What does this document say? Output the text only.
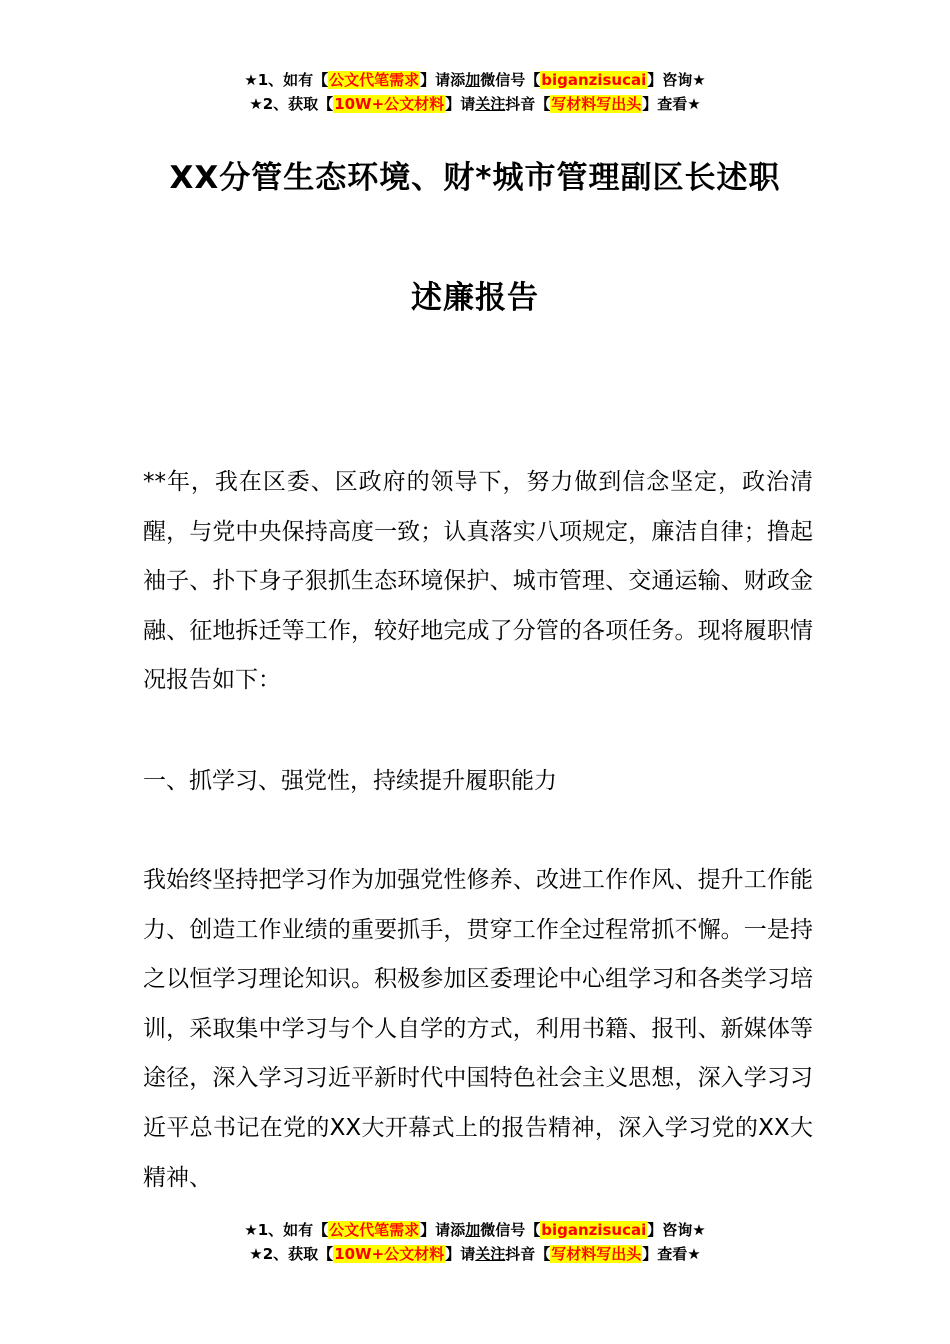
★1、如有【公文代笔需求】请添加微信号【biganzisucai】咨询★
★2、获取【10W+公文材料】请关注抖音【写材料写出头】查看★
XX分管生态环境、财*城市管理副区长述职
述廉报告
**年，我在区委、区政府的领导下，努力做到信念坚定，政治清醒，与党中央保持高度一致；认真落实八项规定，廉洁自律；撸起袖子、扑下身子狠抓生态环境保护、城市管理、交通运输、财政金融、征地拆迁等工作，较好地完成了分管的各项任务。现将履职情况报告如下：
一、抓学习、强党性，持续提升履职能力
我始终坚持把学习作为加强党性修养、改进工作作风、提升工作能力、创造工作业绩的重要抓手，贯穿工作全过程常抓不懈。一是持之以恒学习理论知识。积极参加区委理论中心组学习和各类学习培训，采取集中学习与个人自学的方式，利用书籍、报刊、新媒体等途径，深入学习习近平新时代中国特色社会主义思想，深入学习习近平总书记在党的XX大开幕式上的报告精神，深入学习党的XX大精神、
★1、如有【公文代笔需求】请添加微信号【biganzisucai】咨询★
★2、获取【10W+公文材料】请关注抖音【写材料写出头】查看★
